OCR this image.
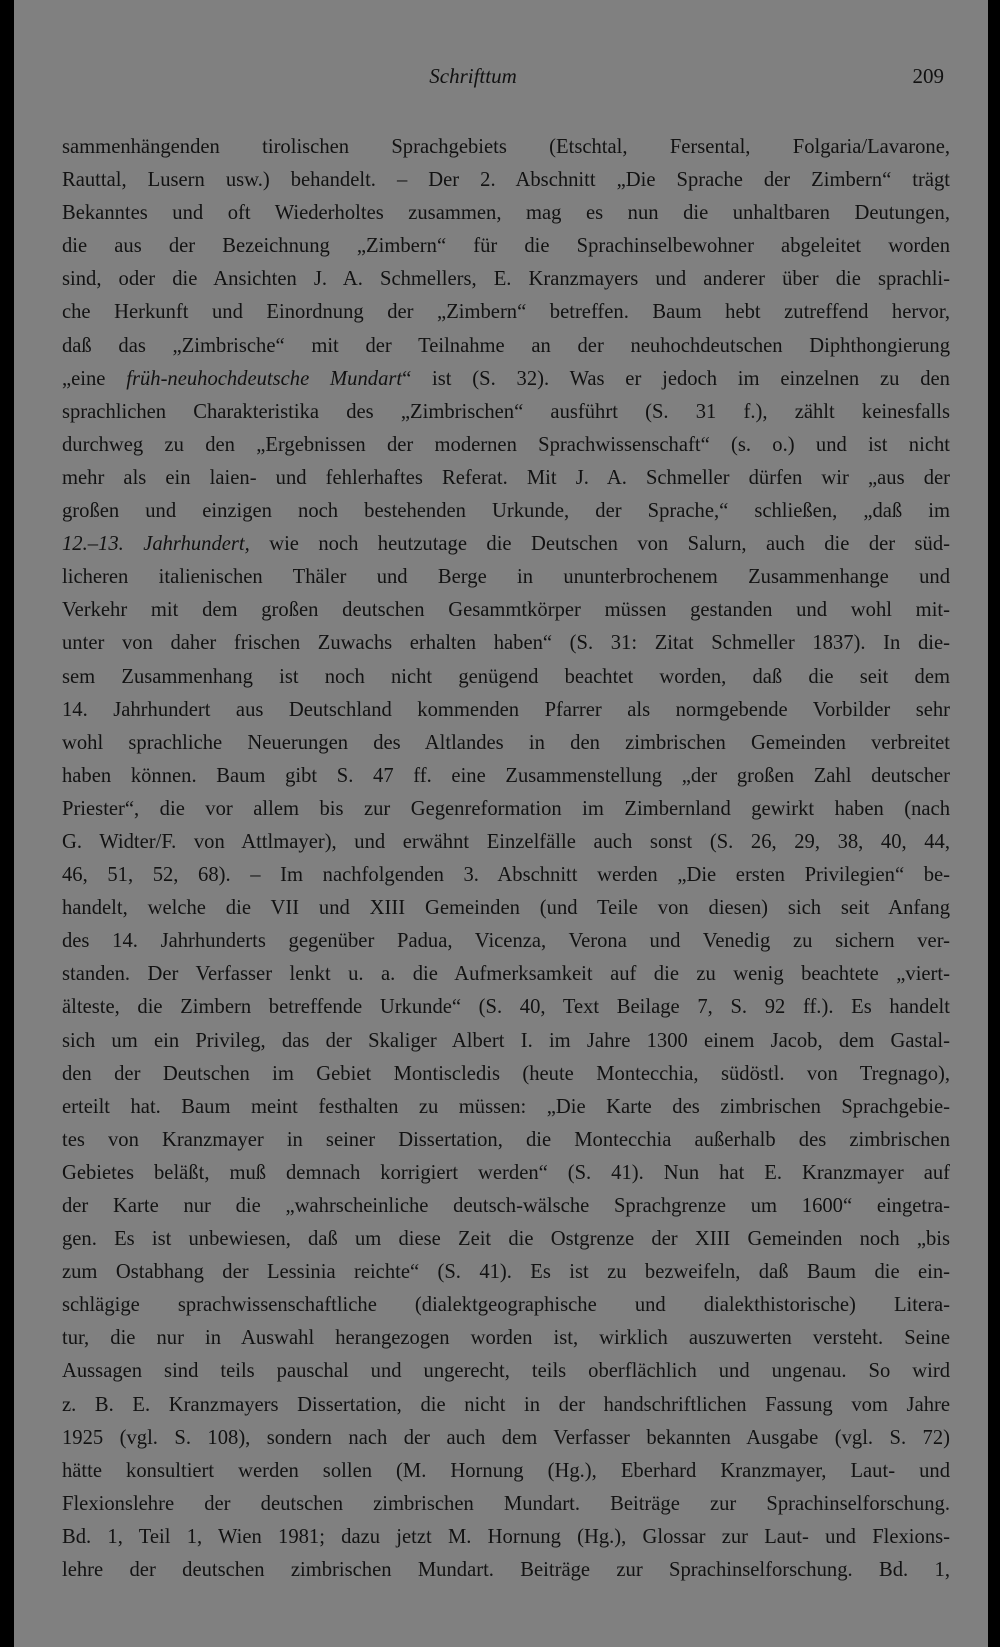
Schrifttum	209
sammenhängenden tirolischen Sprachgebiets (Etschtal, Fersental, Folgaria/Lavarone,
Rauttal, Lusern usw.) behandelt. – Der 2. Abschnitt „Die Sprache der Zimbern“ trägt
Bekanntes und oft Wiederholtes zusammen, mag es nun die unhaltbaren Deutungen,
die aus der Bezeichnung „Zimbern“ für die Sprachinselbewohner abgeleitet worden
sind, oder die Ansichten J. A. Schmellers, E. Kranzmayers und anderer über die sprachli-
che Herkunft und Einordnung der „Zimbern“ betreffen. Baum hebt zutreffend hervor,
daß das „Zimbrische“ mit der Teilnahme an der neuhochdeutschen Diphthongierung
„eine früh-neuhochdeutsche Mundart“ ist (S. 32). Was er jedoch im einzelnen zu den
sprachlichen Charakteristika des „Zimbrischen“ ausführt (S. 31 f.), zählt keinesfalls
durchweg zu den „Ergebnissen der modernen Sprachwissenschaft“ (s. o.) und ist nicht
mehr als ein laien- und fehlerhaftes Referat. Mit J. A. Schmeller dürfen wir „aus der
großen und einzigen noch bestehenden Urkunde, der Sprache,“ schließen, „daß im
12.–13. Jahrhundert, wie noch heutzutage die Deutschen von Salurn, auch die der süd-
licheren italienischen Thäler und Berge in ununterbrochenem Zusammenhange und
Verkehr mit dem großen deutschen Gesammtkörper müssen gestanden und wohl mit-
unter von daher frischen Zuwachs erhalten haben“ (S. 31: Zitat Schmeller 1837). In die-
sem Zusammenhang ist noch nicht genügend beachtet worden, daß die seit dem
14. Jahrhundert aus Deutschland kommenden Pfarrer als normgebende Vorbilder sehr
wohl sprachliche Neuerungen des Altlandes in den zimbrischen Gemeinden verbreitet
haben können. Baum gibt S. 47 ff. eine Zusammenstellung „der großen Zahl deutscher
Priester“, die vor allem bis zur Gegenreformation im Zimbernland gewirkt haben (nach
G. Widter/F. von Attlmayer), und erwähnt Einzelfälle auch sonst (S. 26, 29, 38, 40, 44,
46, 51, 52, 68). – Im nachfolgenden 3. Abschnitt werden „Die ersten Privilegien“ be-
handelt, welche die VII und XIII Gemeinden (und Teile von diesen) sich seit Anfang
des 14. Jahrhunderts gegenüber Padua, Vicenza, Verona und Venedig zu sichern ver-
standen. Der Verfasser lenkt u. a. die Aufmerksamkeit auf die zu wenig beachtete „viert-
älteste, die Zimbern betreffende Urkunde“ (S. 40, Text Beilage 7, S. 92 ff.). Es handelt
sich um ein Privileg, das der Skaliger Albert I. im Jahre 1300 einem Jacob, dem Gastal-
den der Deutschen im Gebiet Montiscledis (heute Montecchia, südöstl. von Tregnago),
erteilt hat. Baum meint festhalten zu müssen: „Die Karte des zimbrischen Sprachgebie-
tes von Kranzmayer in seiner Dissertation, die Montecchia außerhalb des zimbrischen
Gebietes beläßt, muß demnach korrigiert werden“ (S. 41). Nun hat E. Kranzmayer auf
der Karte nur die „wahrscheinliche deutsch-wälsche Sprachgrenze um 1600“ eingetra-
gen. Es ist unbewiesen, daß um diese Zeit die Ostgrenze der XIII Gemeinden noch „bis
zum Ostabhang der Lessinia reichte“ (S. 41). Es ist zu bezweifeln, daß Baum die ein-
schlägige sprachwissenschaftliche (dialektgeographische und dialekthistorische) Litera-
tur, die nur in Auswahl herangezogen worden ist, wirklich auszuwerten versteht. Seine
Aussagen sind teils pauschal und ungerecht, teils oberflächlich und ungenau. So wird
z. B. E. Kranzmayers Dissertation, die nicht in der handschriftlichen Fassung vom Jahre
1925 (vgl. S. 108), sondern nach der auch dem Verfasser bekannten Ausgabe (vgl. S. 72)
hätte konsultiert werden sollen (M. Hornung (Hg.), Eberhard Kranzmayer, Laut- und
Flexionslehre der deutschen zimbrischen Mundart. Beiträge zur Sprachinselforschung.
Bd. 1, Teil 1, Wien 1981; dazu jetzt M. Hornung (Hg.), Glossar zur Laut- und Flexions-
lehre der deutschen zimbrischen Mundart. Beiträge zur Sprachinselforschung. Bd. 1,
